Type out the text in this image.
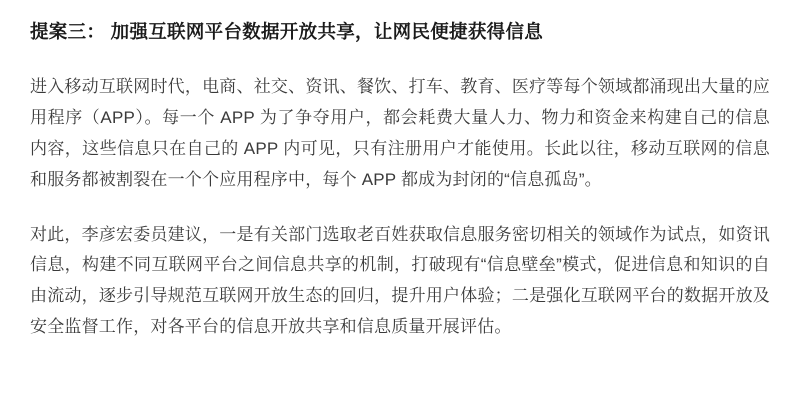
提案三： 加强互联网平台数据开放共享，让网民便捷获得信息

进入移动互联网时代，电商、社交、资讯、餐饮、打车、教育、医疗等每个领域都涌现出大量的应用程序（APP）。每一个 APP 为了争夺用户，都会耗费大量人力、物力和资金来构建自己的信息内容，这些信息只在自己的 APP 内可见，只有注册用户才能使用。长此以往，移动互联网的信息和服务都被割裂在一个个应用程序中，每个 APP 都成为封闭的“信息孤岛”。

对此，李彦宏委员建议，一是有关部门选取老百姓获取信息服务密切相关的领域作为试点，如资讯信息，构建不同互联网平台之间信息共享的机制，打破现有“信息壁垒”模式，促进信息和知识的自由流动，逐步引导规范互联网开放生态的回归，提升用户体验；二是强化互联网平台的数据开放及安全监督工作，对各平台的信息开放共享和信息质量开展评估。
